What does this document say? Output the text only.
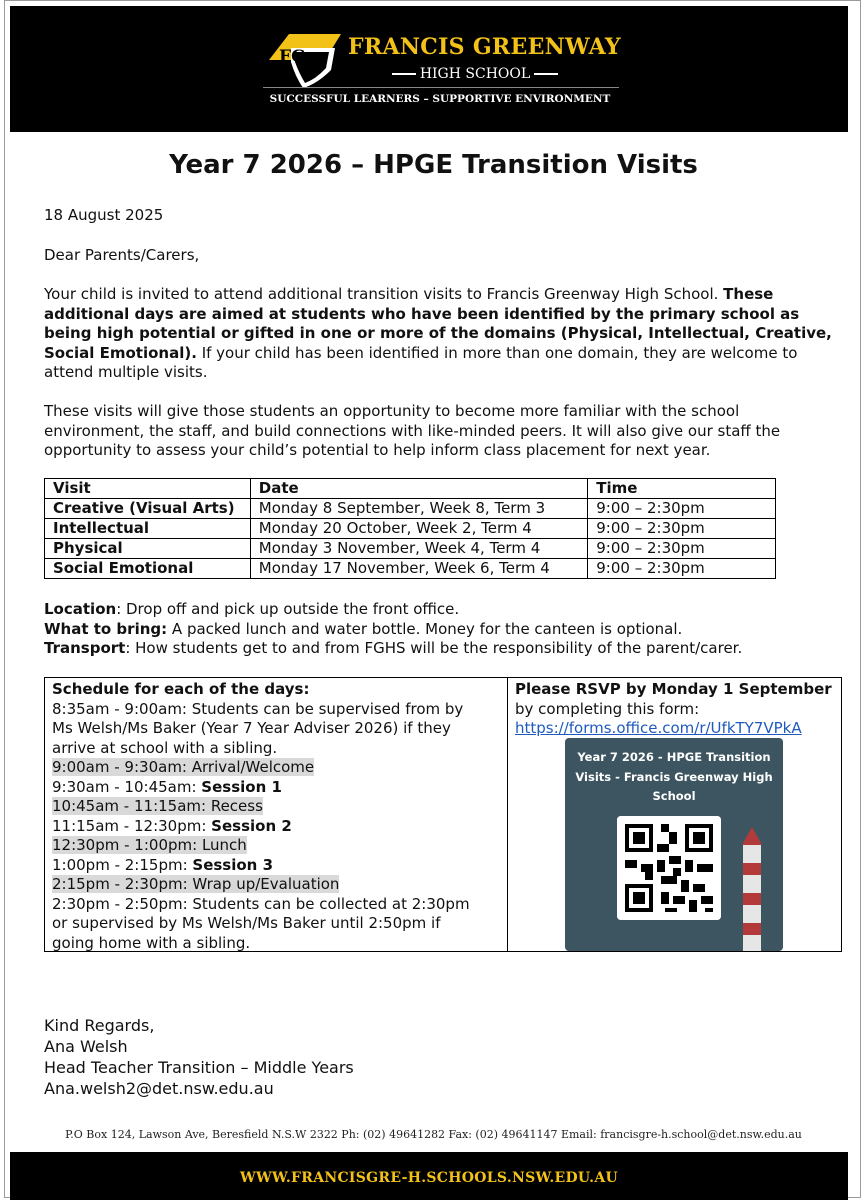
FG FRANCIS GREENWAY
HIGH SCHOOL
SUCCESSFUL LEARNERS – SUPPORTIVE ENVIRONMENT
Year 7 2026 – HPGE Transition Visits
18 August 2025
Dear Parents/Carers,
Your child is invited to attend additional transition visits to Francis Greenway High School. These additional days are aimed at students who have been identified by the primary school as being high potential or gifted in one or more of the domains (Physical, Intellectual, Creative, Social Emotional). If your child has been identified in more than one domain, they are welcome to attend multiple visits.
These visits will give those students an opportunity to become more familiar with the school environment, the staff, and build connections with like-minded peers. It will also give our staff the opportunity to assess your child’s potential to help inform class placement for next year.
Visit	Date	Time
Creative (Visual Arts)	Monday 8 September, Week 8, Term 3	9:00 – 2:30pm
Intellectual	Monday 20 October, Week 2, Term 4	9:00 – 2:30pm
Physical	Monday 3 November, Week 4, Term 4	9:00 – 2:30pm
Social Emotional	Monday 17 November, Week 6, Term 4	9:00 – 2:30pm
Location: Drop off and pick up outside the front office.
What to bring: A packed lunch and water bottle. Money for the canteen is optional.
Transport: How students get to and from FGHS will be the responsibility of the parent/carer.
Schedule for each of the days:
8:35am - 9:00am: Students can be supervised from by
Ms Welsh/Ms Baker (Year 7 Year Adviser 2026) if they
arrive at school with a sibling.
9:00am - 9:30am: Arrival/Welcome
9:30am - 10:45am: Session 1
10:45am - 11:15am: Recess
11:15am - 12:30pm: Session 2
12:30pm - 1:00pm: Lunch
1:00pm - 2:15pm: Session 3
2:15pm - 2:30pm: Wrap up/Evaluation
2:30pm - 2:50pm: Students can be collected at 2:30pm
or supervised by Ms Welsh/Ms Baker until 2:50pm if
going home with a sibling.
Please RSVP by Monday 1 September
by completing this form:
https://forms.office.com/r/UfkTY7VPkA
Year 7 2026 - HPGE Transition
Visits - Francis Greenway High
School
Kind Regards,
Ana Welsh
Head Teacher Transition – Middle Years
Ana.welsh2@det.nsw.edu.au
P.O Box 124, Lawson Ave, Beresfield N.S.W 2322 Ph: (02) 49641282 Fax: (02) 49641147 Email: francisgre-h.school@det.nsw.edu.au
WWW.FRANCISGRE-H.SCHOOLS.NSW.EDU.AU
